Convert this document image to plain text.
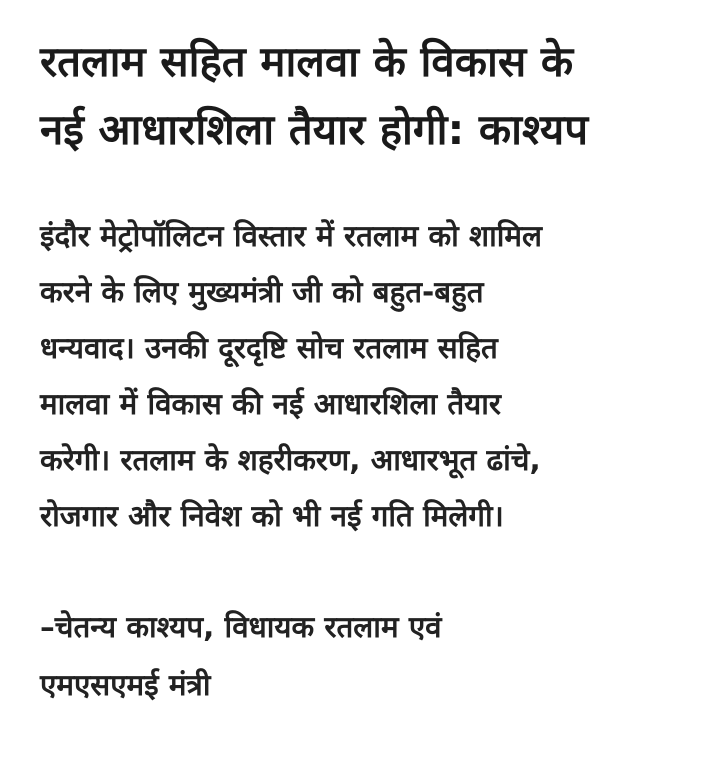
रतलाम सहित मालवा के विकास के
नई आधारशिला तैयार होगी: काश्यप

इंदौर मेट्रोपॉलिटन विस्तार में रतलाम को शामिल
करने के लिए मुख्यमंत्री जी को बहुत-बहुत
धन्यवाद। उनकी दूरदृष्टि सोच रतलाम सहित
मालवा में विकास की नई आधारशिला तैयार
करेगी। रतलाम के शहरीकरण, आधारभूत ढांचे,
रोजगार और निवेश को भी नई गति मिलेगी।

–चेतन्य काश्यप, विधायक रतलाम एवं
एमएसएमई मंत्री
